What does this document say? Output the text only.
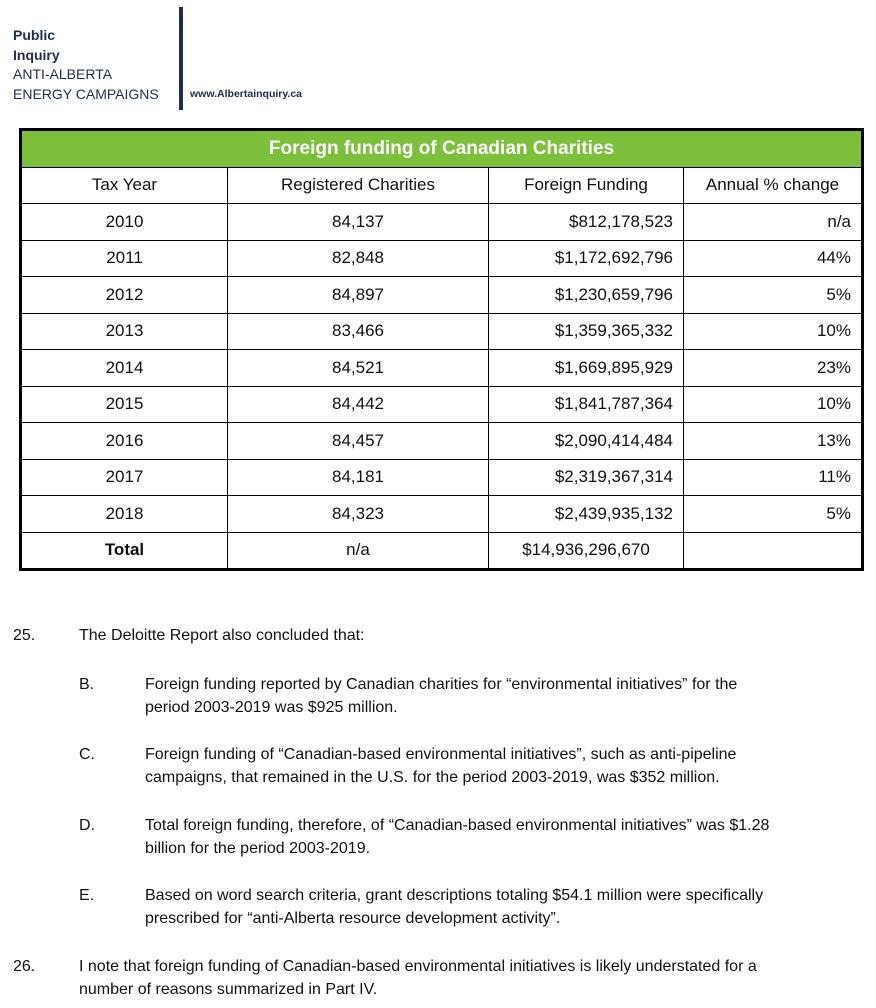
Public
Inquiry
ANTI-ALBERTA
ENERGY CAMPAIGNS	www.Albertainquiry.ca
Foreign funding of Canadian Charities			
Tax Year	Registered Charities	Foreign Funding	Annual % change
2010	84,137	$812,178,523	n/a
2011	82,848	$1,172,692,796	44%
2012	84,897	$1,230,659,796	5%
2013	83,466	$1,359,365,332	10%
2014	84,521	$1,669,895,929	23%
2015	84,442	$1,841,787,364	10%
2016	84,457	$2,090,414,484	13%
2017	84,181	$2,319,367,314	11%
2018	84,323	$2,439,935,132	5%
Total	n/a	$14,936,296,670	
25.	The Deloitte Report also concluded that:
B.	Foreign funding reported by Canadian charities for “environmental initiatives” for the
period 2003-2019 was $925 million.
C.	Foreign funding of “Canadian-based environmental initiatives”, such as anti-pipeline
campaigns, that remained in the U.S. for the period 2003-2019, was $352 million.
D.	Total foreign funding, therefore, of “Canadian-based environmental initiatives” was $1.28
billion for the period 2003-2019.
E.	Based on word search criteria, grant descriptions totaling $54.1 million were specifically
prescribed for “anti-Alberta resource development activity”.
26.	I note that foreign funding of Canadian-based environmental initiatives is likely understated for a
number of reasons summarized in Part IV.
